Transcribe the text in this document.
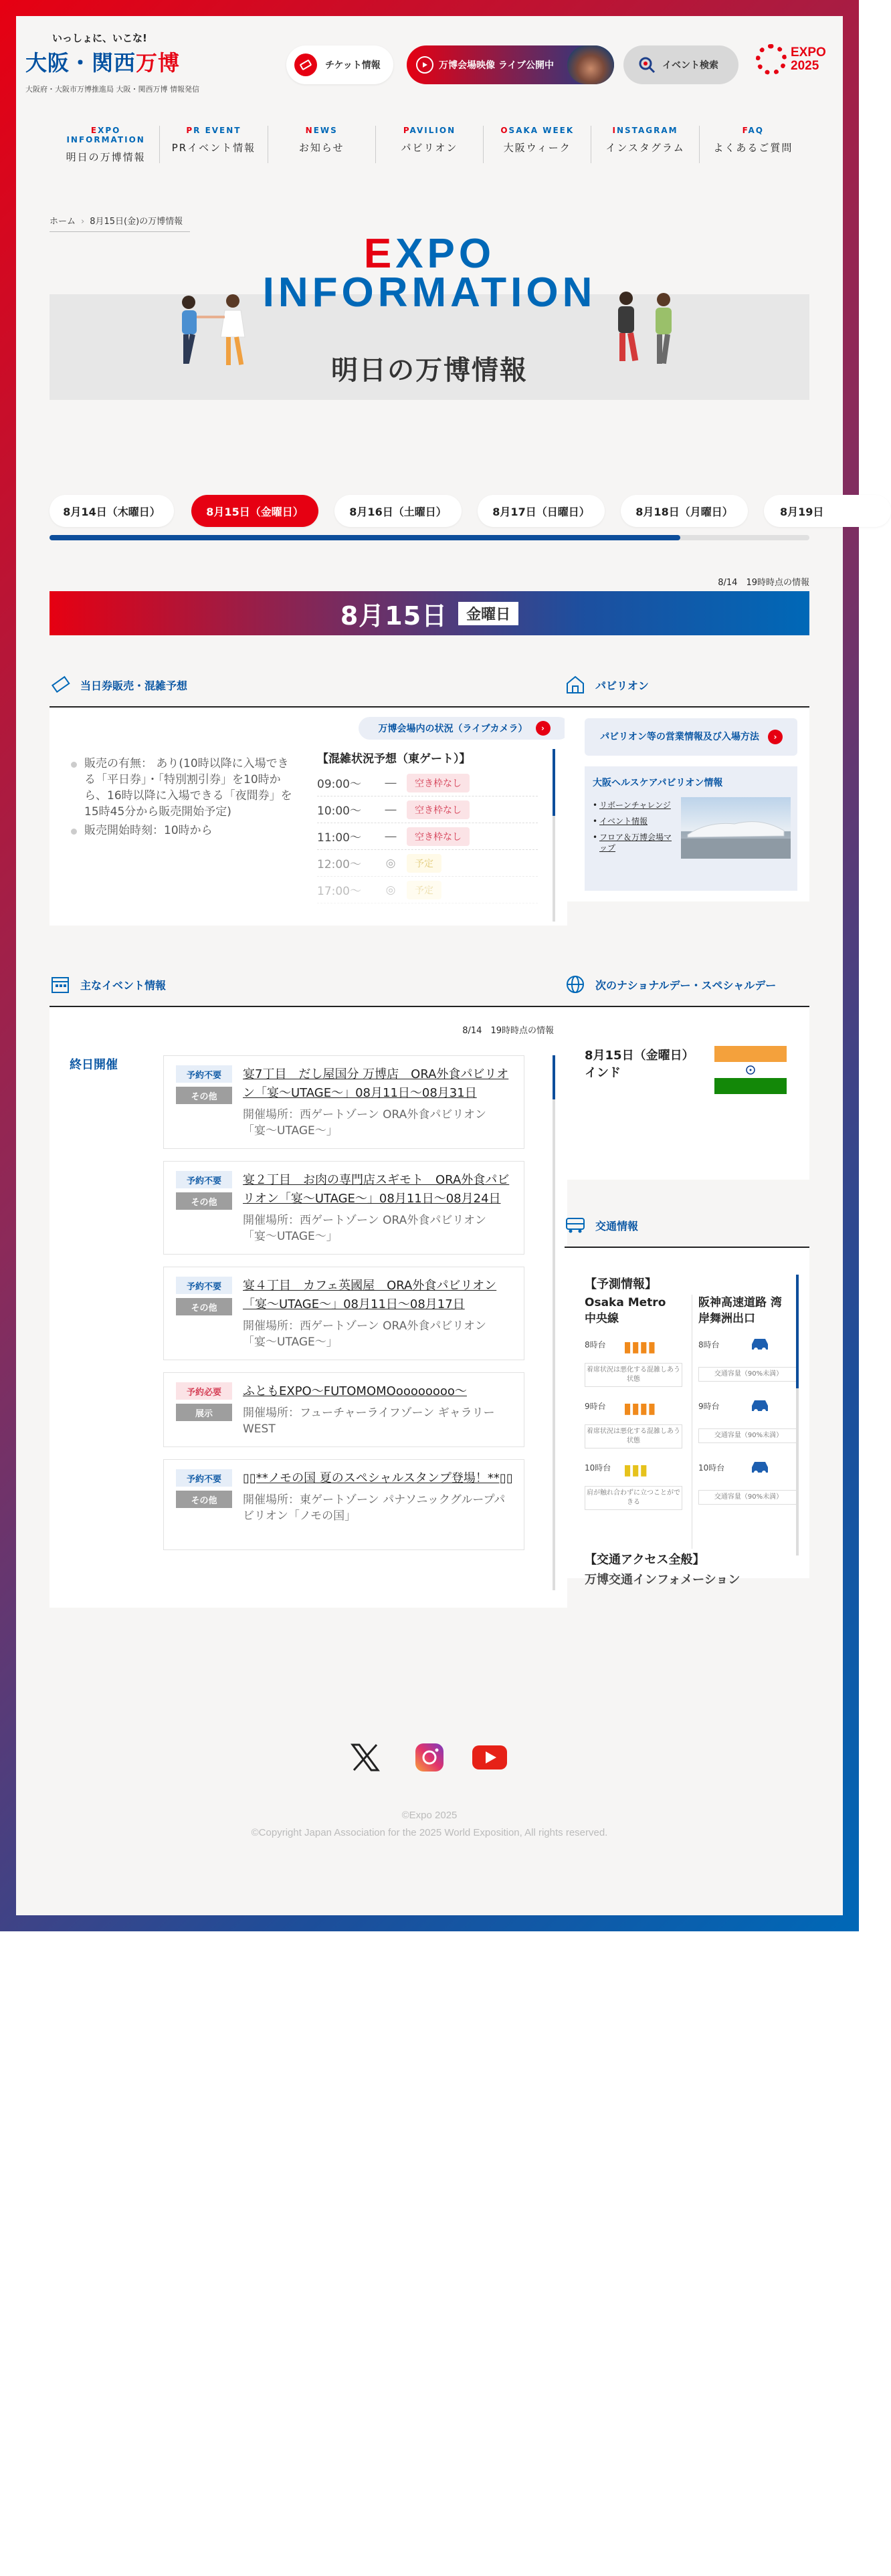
いっしょに、いこな!
大阪・関西万博
大阪府・大阪市万博推進局 大阪・関西万博 情報発信
チケット情報	万博会場映像 ライブ公開中	イベント検索
EXPO
2025
EXPO INFORMATION
明日の万博情報
PR EVENT
PRイベント情報
NEWS
お知らせ
PAVILION
パビリオン
OSAKA WEEK
大阪ウィーク
INSTAGRAM
インスタグラム
FAQ
よくあるご質問
ホーム › 8月15日(金)の万博情報
EXPO
INFORMATION
明日の万博情報
8月14日（木曜日）	8月15日（金曜日）	8月16日（土曜日）	8月17日（日曜日）	8月18日（月曜日）	8月19日
8/14　19時時点の情報
8月15日	金曜日
当日券販売・混雑予想
万博会場内の状況（ライブカメラ）	›
販売の有無： あり(10時以降に入場できる「平日券」・「特別割引券」を10時から、16時以降に入場できる「夜間券」を15時45分から販売開始予定)
販売開始時刻：10時から
【混雑状況予想（東ゲート）】
09:00〜	―	空き枠なし
10:00〜	―	空き枠なし
11:00〜	―	空き枠なし
12:00〜	◎	予定
17:00〜	◎	予定
パビリオン
パビリオン等の営業情報及び入場方法	›
大阪ヘルスケアパビリオン情報
• リボーンチャレンジ
• イベント情報
• フロア＆万博会場マップ
主なイベント情報
8/14　19時時点の情報
終日開催
予約不要
その他
宴7丁目　だし屋国分 万博店　ORA外食パビリオン「宴〜UTAGE〜」08月11日〜08月31日
開催場所：西ゲートゾーン ORA外食パビリオン「宴〜UTAGE〜」
予約不要
その他
宴２丁目　お肉の専門店スギモト　ORA外食パビリオン「宴〜UTAGE〜」08月11日〜08月24日
開催場所：西ゲートゾーン ORA外食パビリオン「宴〜UTAGE〜」
予約不要
その他
宴４丁目　カフェ英國屋　ORA外食パビリオン「宴〜UTAGE〜」08月11日〜08月17日
開催場所：西ゲートゾーン ORA外食パビリオン「宴〜UTAGE〜」
予約必要
展示
ふともEXPO〜FUTOMOMOoooooooo〜
開催場所：フューチャーライフゾーン ギャラリー WEST
予約不要
その他
▯▯**ノモの国 夏のスペシャルスタンプ登場！**▯▯
開催場所：東ゲートゾーン パナソニックグループパビリオン「ノモの国」
次のナショナルデー・スペシャルデー
8月15日（金曜日）
インド
交通情報
【予測情報】
Osaka Metro 中央線
阪神高速道路 湾岸舞洲出口
8時台 ▮▮▮▮
着席状況は悪化する混雑しあう状態
9時台 ▮▮▮▮
着席状況は悪化する混雑しあう状態
10時台 ▮▮▮
肩が触れ合わずに立つことができる
8時台
交通容量（90%未満）
9時台
交通容量（90%未満）
10時台
交通容量（90%未満）
【交通アクセス全般】
万博交通インフォメーション
©Expo 2025
©Copyright Japan Association for the 2025 World Exposition, All rights reserved.
